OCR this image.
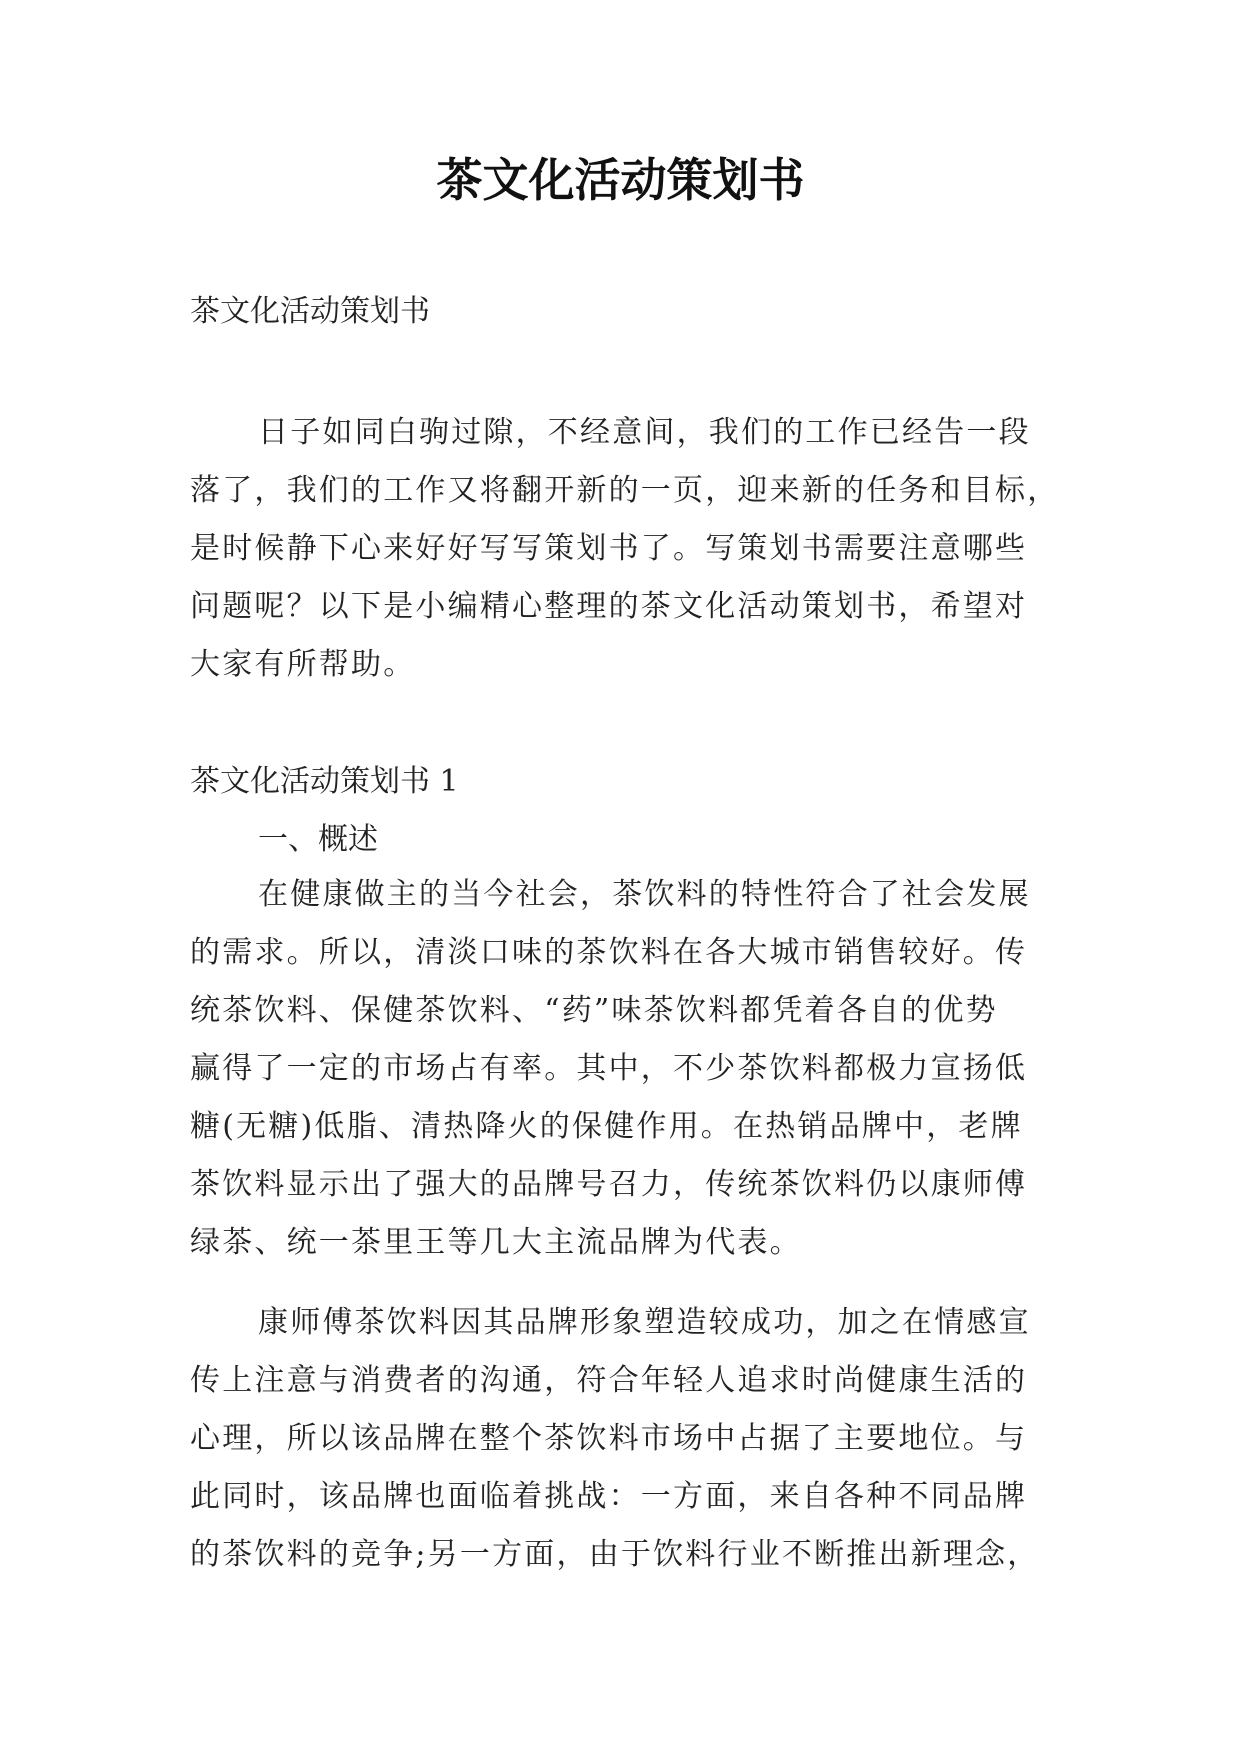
茶文化活动策划书

茶文化活动策划书

日子如同白驹过隙，不经意间，我们的工作已经告一段
落了，我们的工作又将翻开新的一页，迎来新的任务和目标，
是时候静下心来好好写写策划书了。写策划书需要注意哪些
问题呢？以下是小编精心整理的茶文化活动策划书，希望对
大家有所帮助。
茶文化活动策划书 1
一、概述
在健康做主的当今社会，茶饮料的特性符合了社会发展
的需求。所以，清淡口味的茶饮料在各大城市销售较好。传
统茶饮料、保健茶饮料、“药”味茶饮料都凭着各自的优势
赢得了一定的市场占有率。其中，不少茶饮料都极力宣扬低
糖(无糖)低脂、清热降火的保健作用。在热销品牌中，老牌
茶饮料显示出了强大的品牌号召力，传统茶饮料仍以康师傅
绿茶、统一茶里王等几大主流品牌为代表。
康师傅茶饮料因其品牌形象塑造较成功，加之在情感宣
传上注意与消费者的沟通，符合年轻人追求时尚健康生活的
心理，所以该品牌在整个茶饮料市场中占据了主要地位。与
此同时，该品牌也面临着挑战：一方面，来自各种不同品牌
的茶饮料的竞争;另一方面，由于饮料行业不断推出新理念，
